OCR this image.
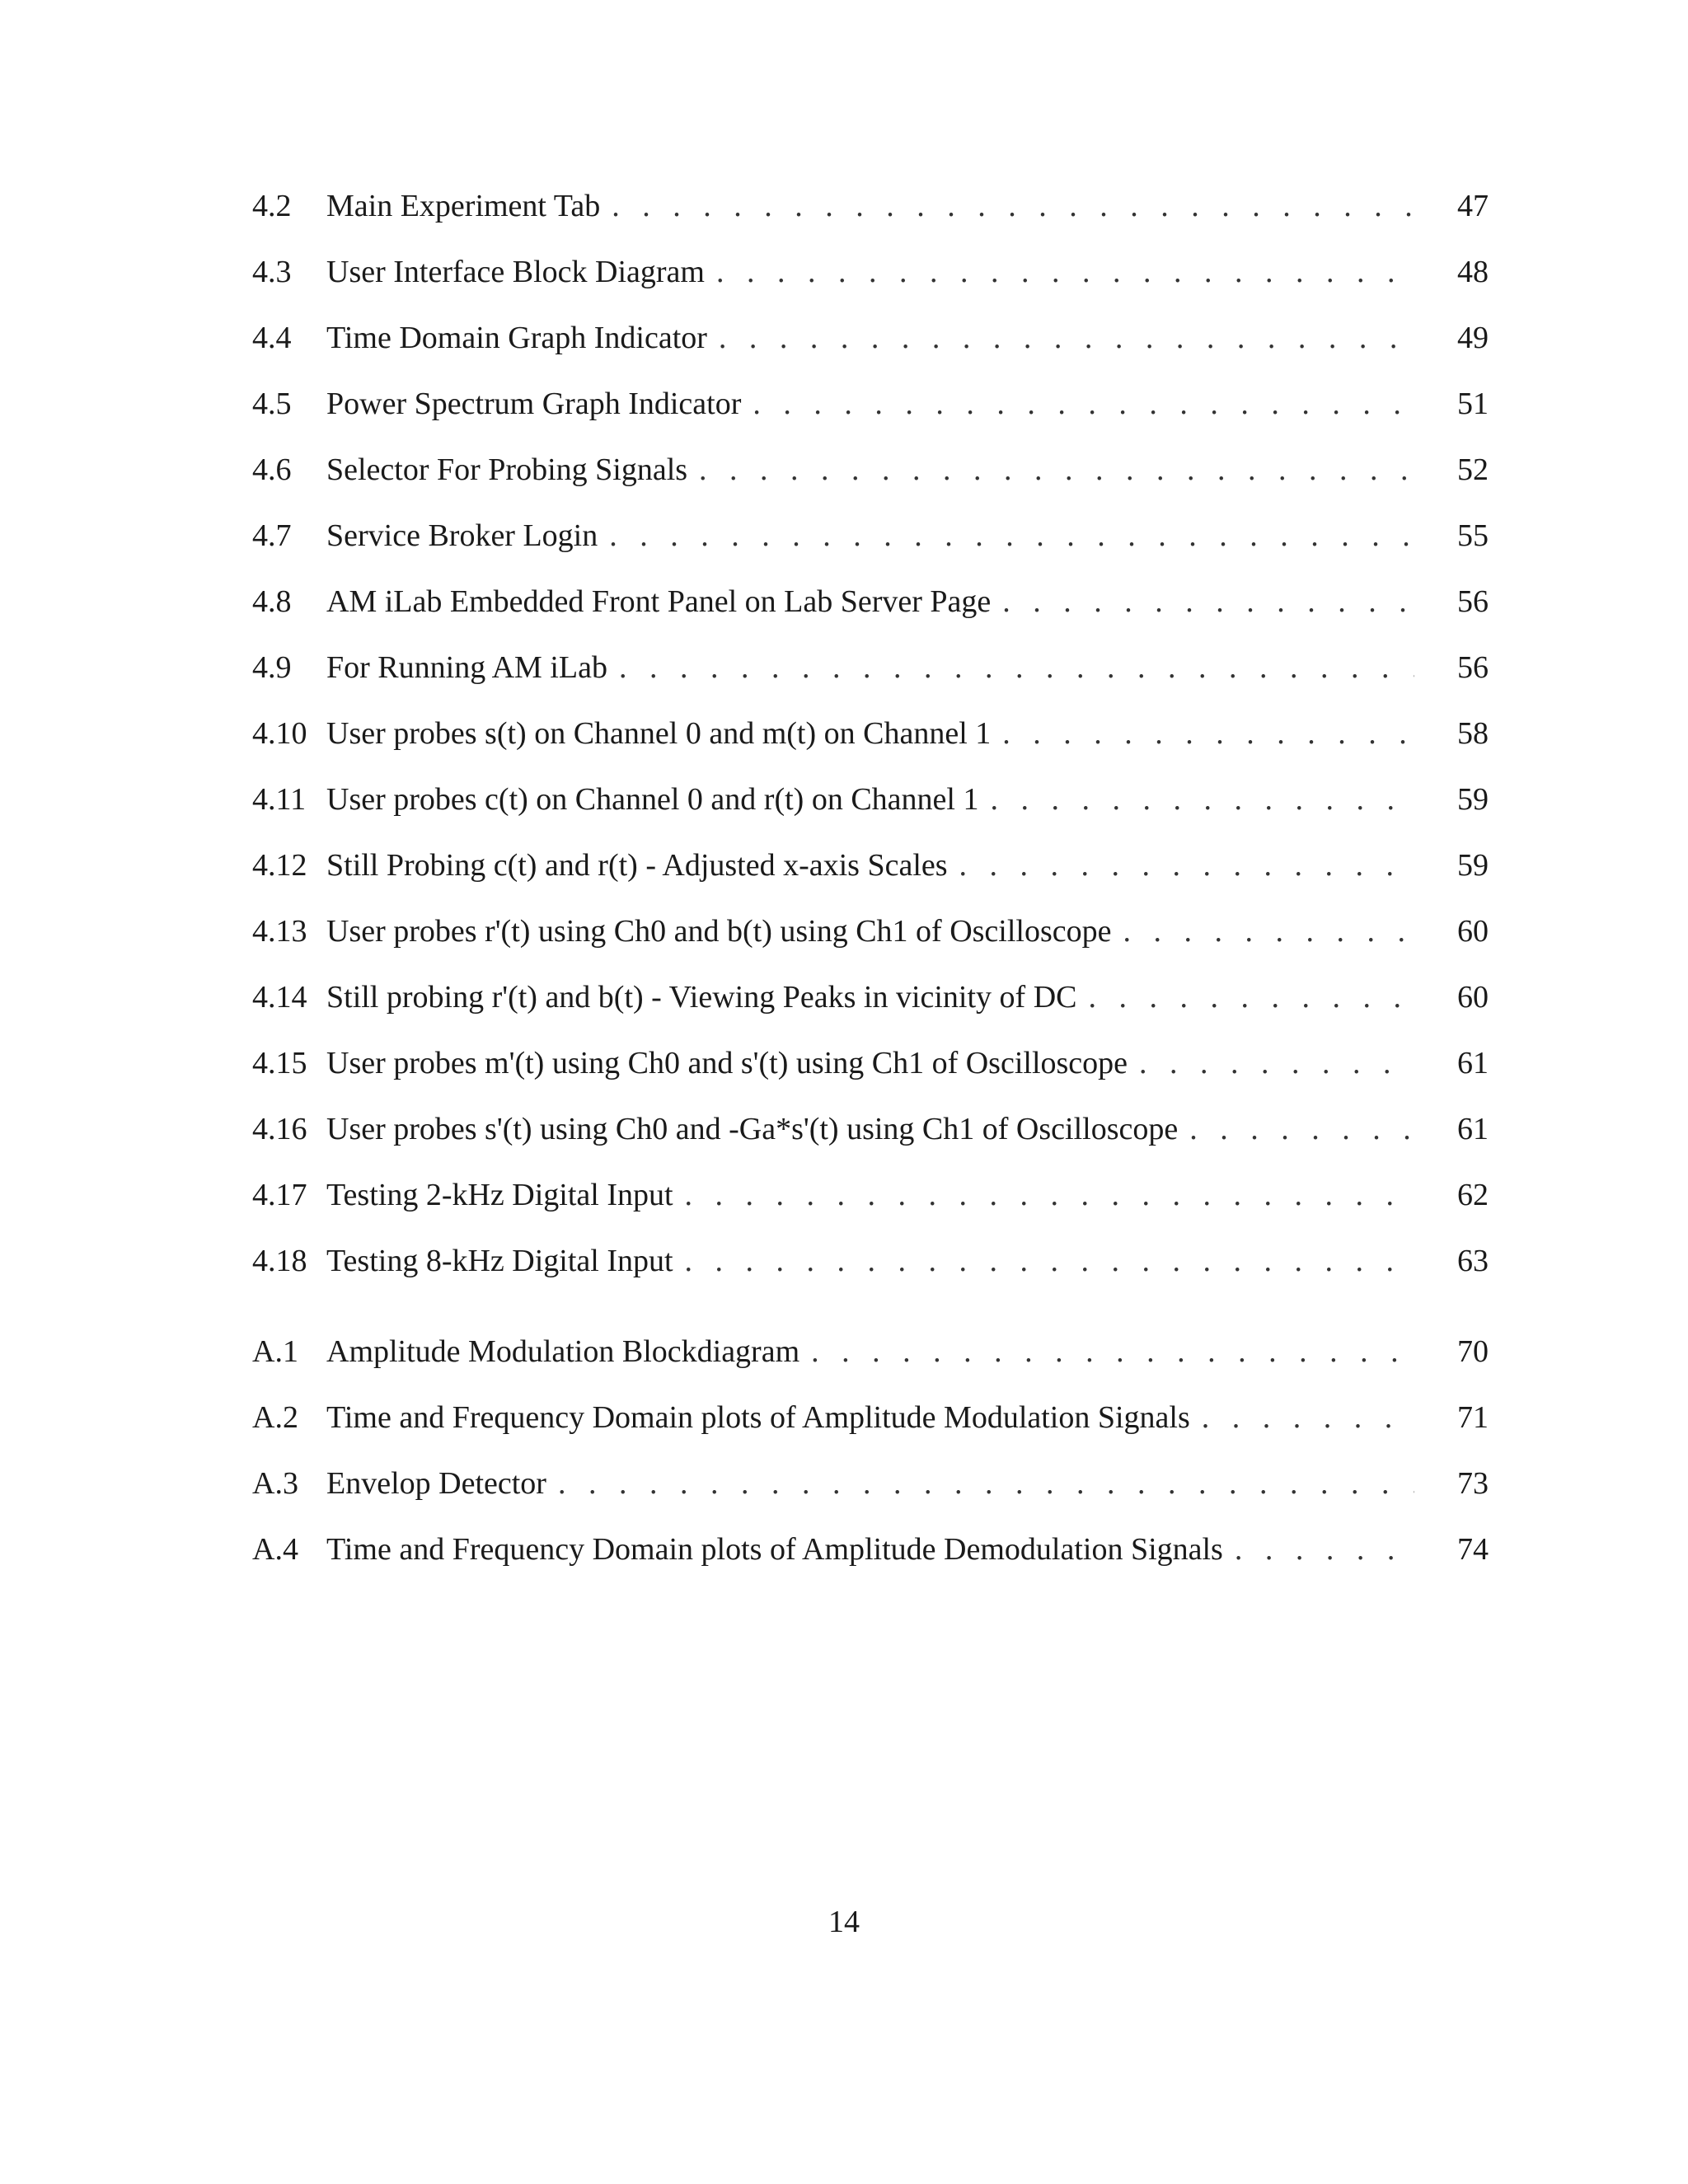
4.2	Main Experiment Tab . . .	47
4.3	User Interface Block Diagram . . .	48
4.4	Time Domain Graph Indicator . . .	49
4.5	Power Spectrum Graph Indicator . . .	51
4.6	Selector For Probing Signals . . .	52
4.7	Service Broker Login . . .	55
4.8	AM iLab Embedded Front Panel on Lab Server Page . . .	56
4.9	For Running AM iLab . . .	56
4.10 User probes s(t) on Channel 0 and m(t) on Channel 1 . . .	58
4.11 User probes c(t) on Channel 0 and r(t) on Channel 1 . . .	59
4.12 Still Probing c(t) and r(t) - Adjusted x-axis Scales . . .	59
4.13 User probes r'(t) using Ch0 and b(t) using Ch1 of Oscilloscope . . .	60
4.14 Still probing r'(t) and b(t) - Viewing Peaks in vicinity of DC . . .	60
4.15 User probes m'(t) using Ch0 and s'(t) using Ch1 of Oscilloscope . . .	61
4.16 User probes s'(t) using Ch0 and -Ga*s'(t) using Ch1 of Oscilloscope . . .	61
4.17 Testing 2-kHz Digital Input . . .	62
4.18 Testing 8-kHz Digital Input . . .	63
A.1 Amplitude Modulation Blockdiagram . . .	70
A.2 Time and Frequency Domain plots of Amplitude Modulation Signals . . .	71
A.3 Envelop Detector . . .	73
A.4 Time and Frequency Domain plots of Amplitude Demodulation Signals . . .	74
14
